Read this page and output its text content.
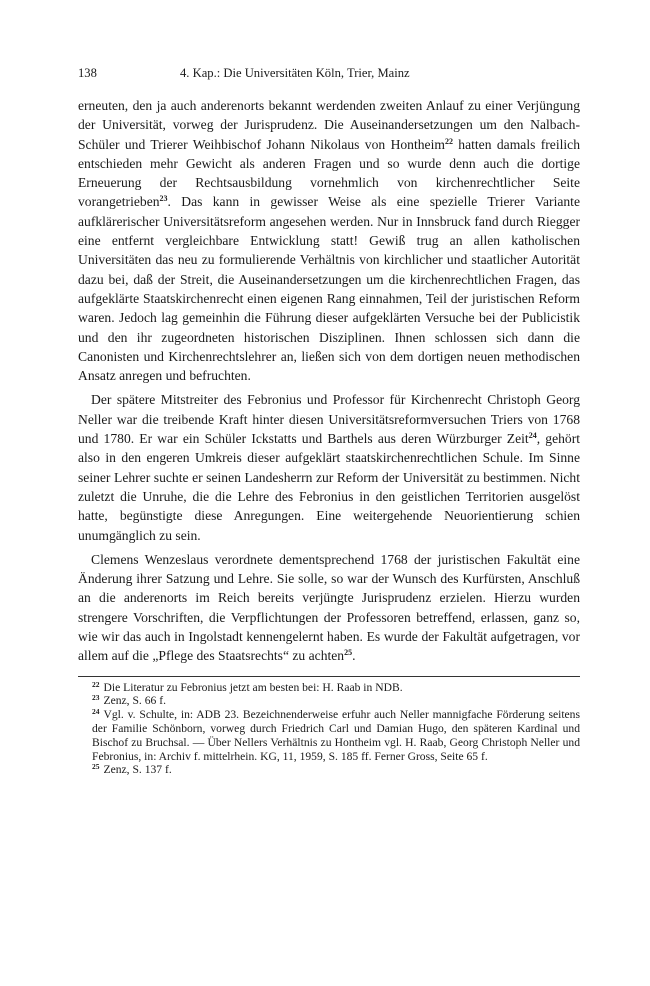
138	4. Kap.: Die Universitäten Köln, Trier, Mainz

erneuten, den ja auch anderenorts bekannt werdenden zweiten Anlauf zu einer Verjüngung der Universität, vorweg der Jurisprudenz. Die Auseinandersetzungen um den Nalbach-Schüler und Trierer Weihbischof Johann Nikolaus von Hontheim$^{22}$ hatten damals freilich entschieden mehr Gewicht als anderen Fragen und so wurde denn auch die dortige Erneuerung der Rechtsausbildung vornehmlich von kirchenrechtlicher Seite vorangetrieben$^{23}$. Das kann in gewisser Weise als eine spezielle Trierer Variante aufklärerischer Universitätsreform angesehen werden. Nur in Innsbruck fand durch Riegger eine entfernt vergleichbare Entwicklung statt! Gewiß trug an allen katholischen Universitäten das neu zu formulierende Verhältnis von kirchlicher und staatlicher Autorität dazu bei, daß der Streit, die Auseinandersetzungen um die kirchenrechtlichen Fragen, das aufgeklärte Staatskirchenrecht einen eigenen Rang einnahmen, Teil der juristischen Reform waren. Jedoch lag gemeinhin die Führung dieser aufgeklärten Versuche bei der Publicistik und den ihr zugeordneten historischen Disziplinen. Ihnen schlossen sich dann die Canonisten und Kirchenrechtslehrer an, ließen sich von dem dortigen neuen methodischen Ansatz anregen und befruchten.

Der spätere Mitstreiter des Febronius und Professor für Kirchenrecht Christoph Georg Neller war die treibende Kraft hinter diesen Universitätsreformversuchen Triers von 1768 und 1780. Er war ein Schüler Ickstatts und Barthels aus deren Würzburger Zeit$^{24}$, gehört also in den engeren Umkreis dieser aufgeklärt staatskirchenrechtlichen Schule. Im Sinne seiner Lehrer suchte er seinen Landesherrn zur Reform der Universität zu bestimmen. Nicht zuletzt die Unruhe, die die Lehre des Febronius in den geistlichen Territorien ausgelöst hatte, begünstigte diese Anregungen. Eine weitergehende Neuorientierung schien unumgänglich zu sein.

Clemens Wenzeslaus verordnete dementsprechend 1768 der juristischen Fakultät eine Änderung ihrer Satzung und Lehre. Sie solle, so war der Wunsch des Kurfürsten, Anschluß an die anderenorts im Reich bereits verjüngte Jurisprudenz erzielen. Hierzu wurden strengere Vorschriften, die Verpflichtungen der Professoren betreffend, erlassen, ganz so, wie wir das auch in Ingolstadt kennengelernt haben. Es wurde der Fakultät aufgetragen, vor allem auf die „Pflege des Staatsrechts“ zu achten$^{25}$.

$^{22}$ Die Literatur zu Febronius jetzt am besten bei: H. Raab in NDB.
$^{23}$ Zenz, S. 66 f.
$^{24}$ Vgl. v. Schulte, in: ADB 23. Bezeichnenderweise erfuhr auch Neller mannigfache Förderung seitens der Familie Schönborn, vorweg durch Friedrich Carl und Damian Hugo, den späteren Kardinal und Bischof zu Bruchsal. — Über Nellers Verhältnis zu Hontheim vgl. H. Raab, Georg Christoph Neller und Febronius, in: Archiv f. mittelrhein. KG, 11, 1959, S. 185 ff. Ferner Gross, Seite 65 f.
$^{25}$ Zenz, S. 137 f.
